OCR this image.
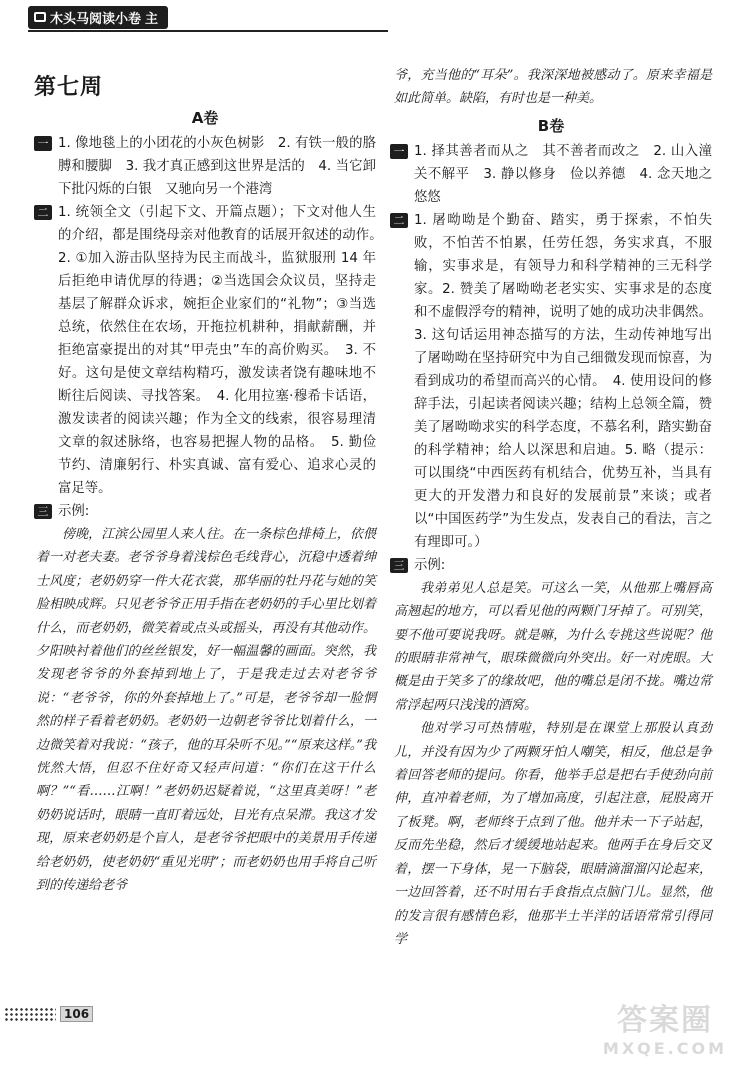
木头马阅读小卷 主
第七周
A卷
一 1. 像地毯上的小团花的小灰色树影　2. 有铁一般的胳膊和腰脚　3. 我才真正感到这世界是活的　4. 当它卸下批闪烁的白银　又驰向另一个港湾
二 1. 统领全文（引起下文、开篇点题）；下文对他人生的介绍，都是围绕母亲对他教育的话展开叙述的动作。　2. ①加入游击队坚持为民主而战斗，监狱服刑 14 年后拒绝申请优厚的待遇；②当选国会众议员，坚持走基层了解群众诉求，婉拒企业家们的“礼物”；③当选总统，依然住在农场，开拖拉机耕种，捐献薪酬，并拒绝富豪提出的对其“甲壳虫”车的高价购买。　3. 不好。这句是使文章结构精巧，激发读者饶有趣味地不断往后阅读、寻找答案。　4. 化用拉塞·穆希卡话语，激发读者的阅读兴趣；作为全文的线索，很容易理清文章的叙述脉络，也容易把握人物的品格。　5. 勤俭节约、清廉躬行、朴实真诚、富有爱心、追求心灵的富足等。
三 示例:

傍晚，江滨公园里人来人往。在一条棕色排椅上，依偎着一对老夫妻。老爷爷身着浅棕色毛线背心，沉稳中透着绅士风度；老奶奶穿一件大花衣裳，那华丽的牡丹花与她的笑脸相映成辉。只见老爷爷正用手指在老奶奶的手心里比划着什么，而老奶奶，微笑着或点头或摇头，再没有其他动作。夕阳映衬着他们的丝丝银发，好一幅温馨的画面。突然，我发现老爷爷的外套掉到地上了，于是我走过去对老爷爷说：“老爷爷，你的外套掉地上了。”可是，老爷爷却一脸惘然的样子看着老奶奶。老奶奶一边朝老爷爷比划着什么，一边微笑着对我说：“孩子，他的耳朵听不见。”“原来这样。”我恍然大悟，但忍不住好奇又轻声问道：“你们在这干什么啊？”“看……江啊！”老奶奶迟疑着说，“这里真美呀！”老奶奶说话时，眼睛一直盯着远处，目光有点呆滞。我这才发现，原来老奶奶是个盲人，是老爷爷把眼中的美景用手传递给老奶奶，使老奶奶“重见光明”；而老奶奶也用手将自己听到的传递给老爷

爷，充当他的“耳朵”。我深深地被感动了。原来幸福是如此简单。缺陷，有时也是一种美。
B卷
一 1. 择其善者而从之　其不善者而改之　2. 山入潼关不解平　3. 静以修身　俭以养德　4. 念天地之悠悠
二 1. 屠呦呦是个勤奋、踏实，勇于探索，不怕失败，不怕苦不怕累，任劳任怨，务实求真，不服输，实事求是，有领导力和科学精神的三无科学家。2. 赞美了屠呦呦老老实实、实事求是的态度和不虚假浮夸的精神，说明了她的成功决非偶然。3. 这句话运用神态描写的方法，生动传神地写出了屠呦呦在坚持研究中为自己细微发现而惊喜，为看到成功的希望而高兴的心情。　4. 使用设问的修辞手法，引起读者阅读兴趣；结构上总领全篇，赞美了屠呦呦求实的科学态度，不慕名利，踏实勤奋的科学精神；给人以深思和启迪。5. 略（提示：可以围绕“中西医药有机结合，优势互补，当具有更大的开发潜力和良好的发展前景”来谈；或者以“中国医药学”为生发点，发表自己的看法，言之有理即可。）
三 示例:

我弟弟见人总是笑。可这么一笑，从他那上嘴唇高高翘起的地方，可以看见他的两颗门牙掉了。可别笑，要不他可要说我呀。就是嘛，为什么专挑这些说呢？他的眼睛非常神气，眼珠微微向外突出。好一对虎眼。大概是由于笑多了的缘故吧，他的嘴总是闭不拢。嘴边常常浮起两只浅浅的酒窝。

他对学习可热情啦，特别是在课堂上那股认真劲儿，并没有因为少了两颗牙怕人嘲笑，相反，他总是争着回答老师的提问。你看，他举手总是把右手使劲向前伸，直冲着老师，为了增加高度，引起注意，屁股离开了板凳。啊，老师终于点到了他。他并未一下子站起，反而先坐稳，然后才缓缓地站起来。他两手在身后交叉着，摆一下身体，晃一下脑袋，眼睛滴溜溜闪论起来，一边回答着，还不时用右手食指点点脑门儿。显然，他的发言很有感情色彩，他那半土半洋的话语常常引得同学

106	答案圈
MXQE.COM
